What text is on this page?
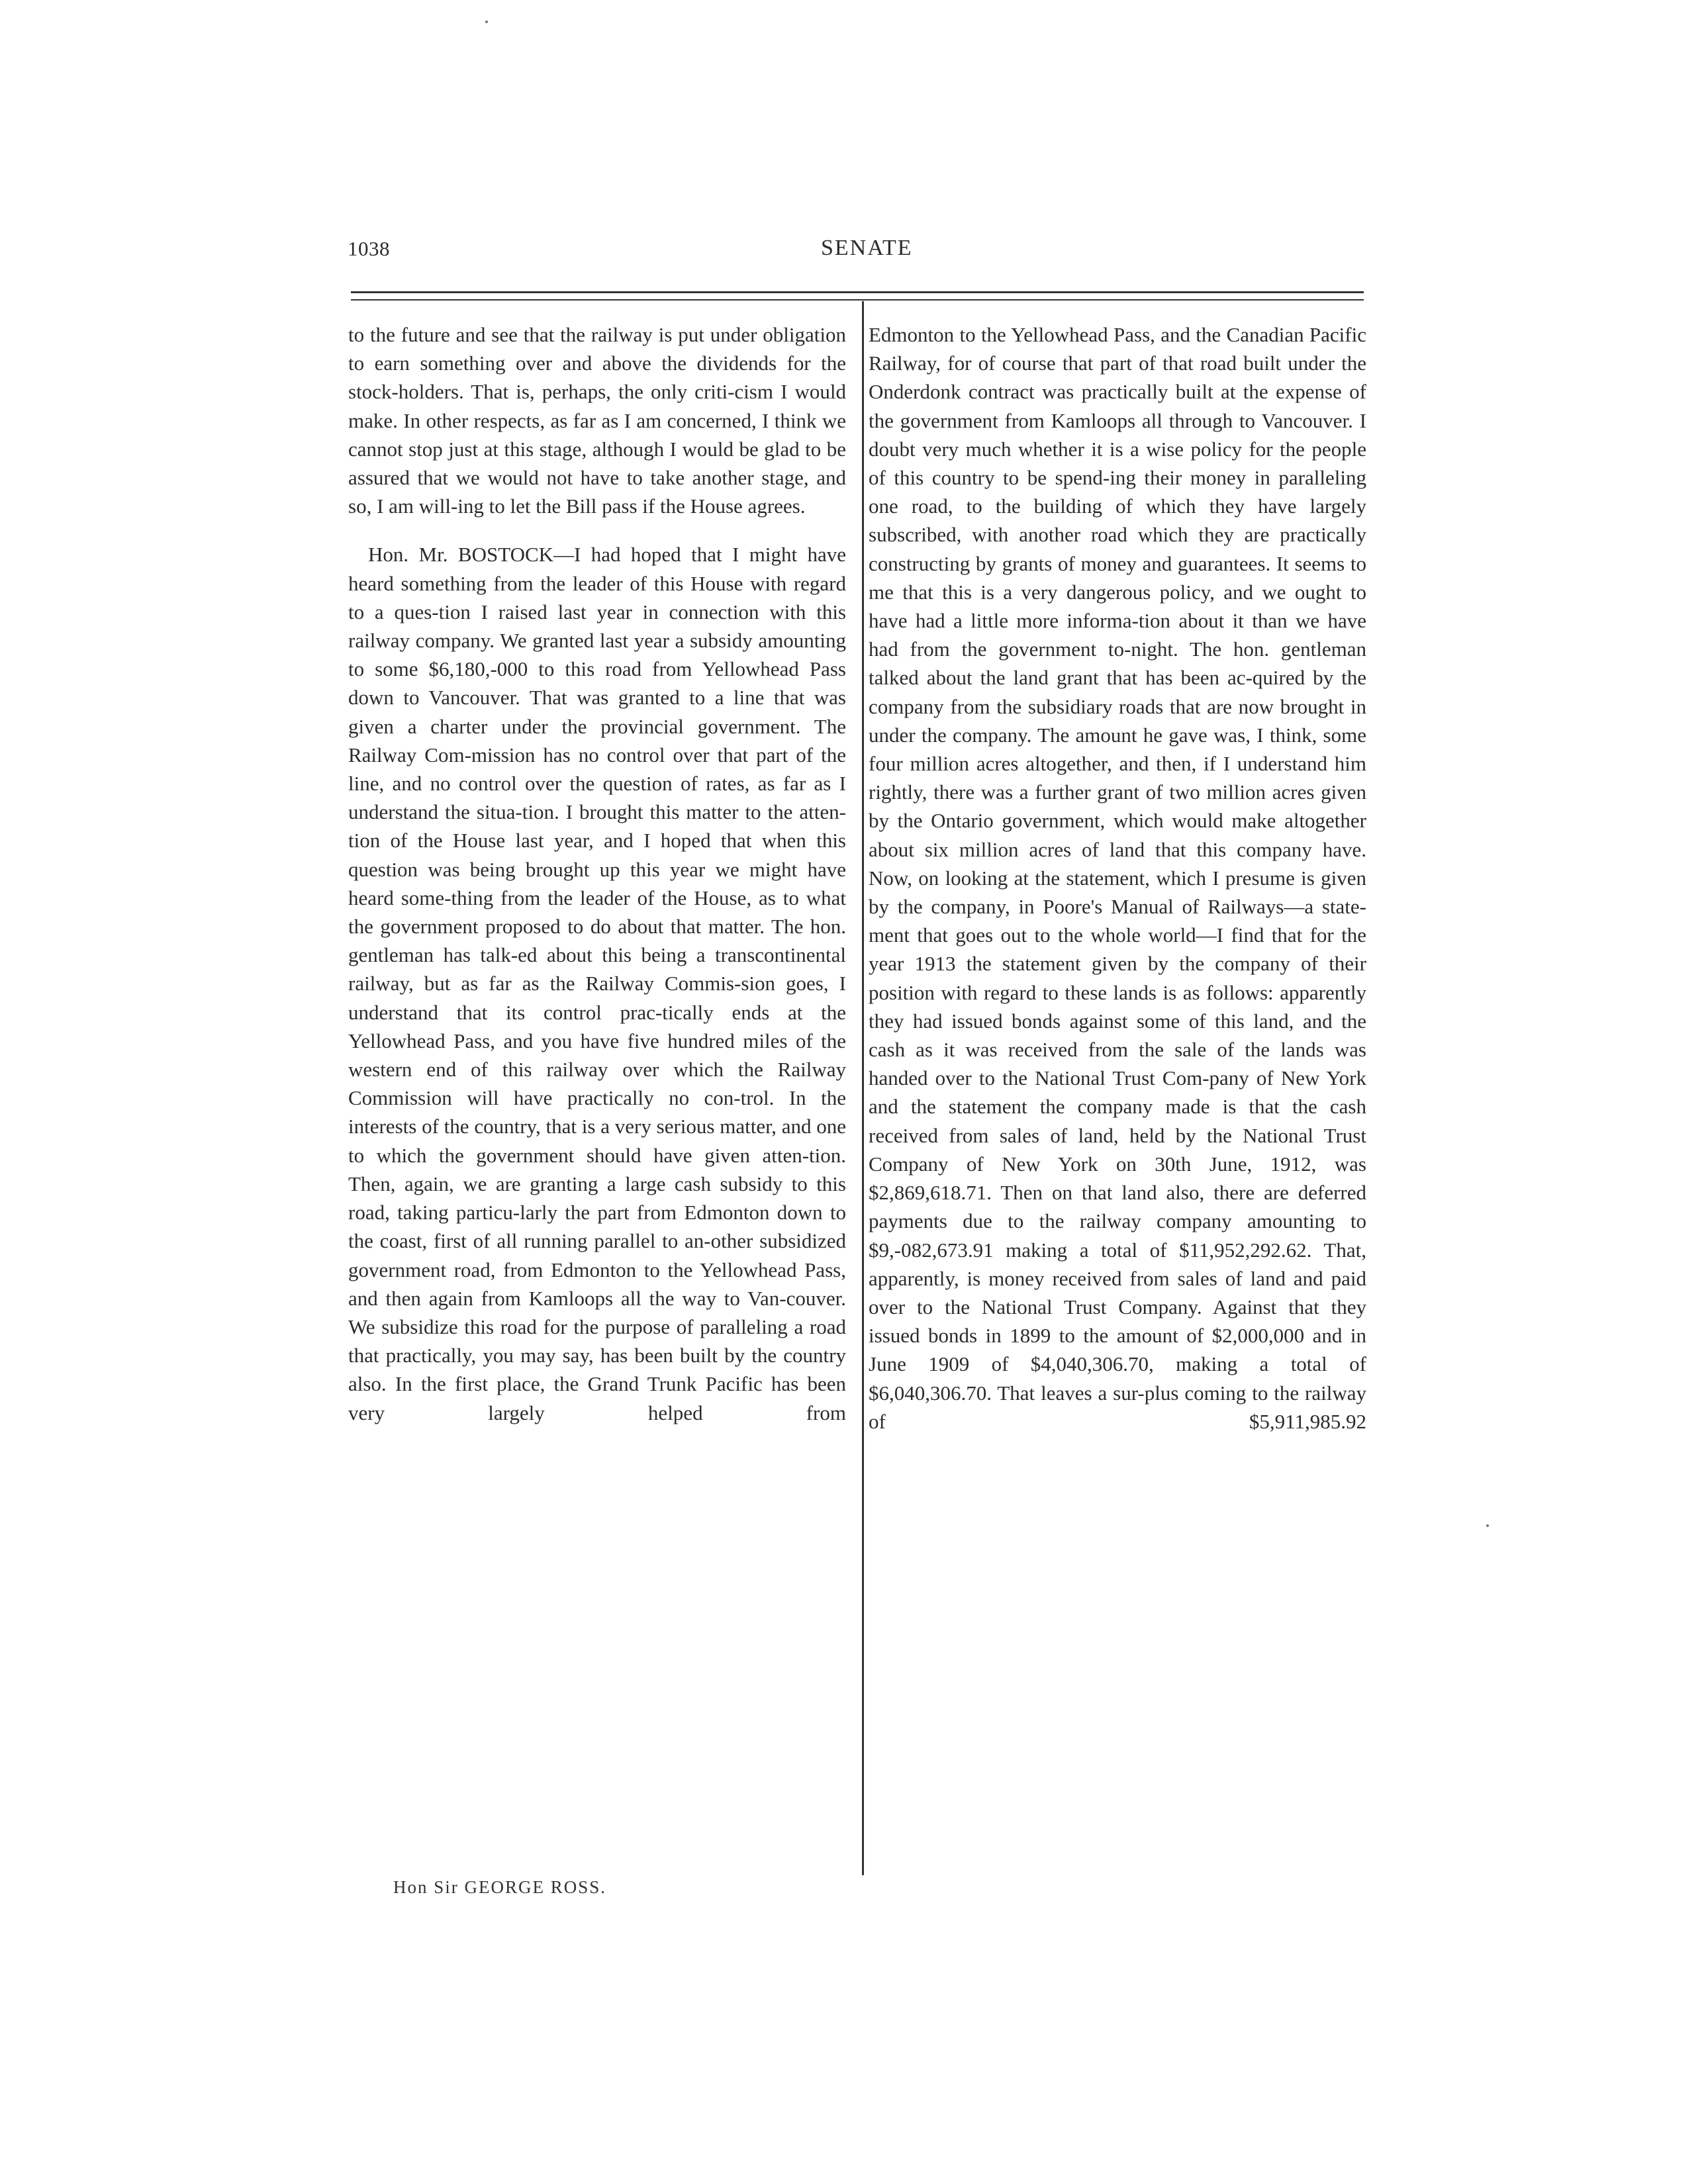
1038	SENATE

to the future and see that the railway is put under obligation to earn something over and above the dividends for the stock-holders. That is, perhaps, the only criti-cism I would make. In other respects, as far as I am concerned, I think we cannot stop just at this stage, although I would be glad to be assured that we would not have to take another stage, and so, I am will-ing to let the Bill pass if the House agrees.

Hon. Mr. BOSTOCK—I had hoped that I might have heard something from the leader of this House with regard to a ques-tion I raised last year in connection with this railway company. We granted last year a subsidy amounting to some $6,180,-000 to this road from Yellowhead Pass down to Vancouver. That was granted to a line that was given a charter under the provincial government. The Railway Com-mission has no control over that part of the line, and no control over the question of rates, as far as I understand the situa-tion. I brought this matter to the atten-tion of the House last year, and I hoped that when this question was being brought up this year we might have heard some-thing from the leader of the House, as to what the government proposed to do about that matter. The hon. gentleman has talk-ed about this being a transcontinental railway, but as far as the Railway Commis-sion goes, I understand that its control prac-tically ends at the Yellowhead Pass, and you have five hundred miles of the western end of this railway over which the Railway Commission will have practically no con-trol. In the interests of the country, that is a very serious matter, and one to which the government should have given atten-tion. Then, again, we are granting a large cash subsidy to this road, taking particu-larly the part from Edmonton down to the coast, first of all running parallel to an-other subsidized government road, from Edmonton to the Yellowhead Pass, and then again from Kamloops all the way to Van-couver. We subsidize this road for the purpose of paralleling a road that practically, you may say, has been built by the country also. In the first place, the Grand Trunk Pacific has been very largely helped from

Edmonton to the Yellowhead Pass, and the Canadian Pacific Railway, for of course that part of that road built under the Onderdonk contract was practically built at the expense of the government from Kamloops all through to Vancouver. I doubt very much whether it is a wise policy for the people of this country to be spend-ing their money in paralleling one road, to the building of which they have largely subscribed, with another road which they are practically constructing by grants of money and guarantees. It seems to me that this is a very dangerous policy, and we ought to have had a little more informa-tion about it than we have had from the government to-night. The hon. gentleman talked about the land grant that has been ac-quired by the company from the subsidiary roads that are now brought in under the company. The amount he gave was, I think, some four million acres altogether, and then, if I understand him rightly, there was a further grant of two million acres given by the Ontario government, which would make altogether about six million acres of land that this company have. Now, on looking at the statement, which I presume is given by the company, in Poore's Manual of Railways—a state-ment that goes out to the whole world—I find that for the year 1913 the statement given by the company of their position with regard to these lands is as follows: apparently they had issued bonds against some of this land, and the cash as it was received from the sale of the lands was handed over to the National Trust Com-pany of New York and the statement the company made is that the cash received from sales of land, held by the National Trust Company of New York on 30th June, 1912, was $2,869,618.71. Then on that land also, there are deferred payments due to the railway company amounting to $9,-082,673.91 making a total of $11,952,292.62. That, apparently, is money received from sales of land and paid over to the National Trust Company. Against that they issued bonds in 1899 to the amount of $2,000,000 and in June 1909 of $4,040,306.70, making a total of $6,040,306.70. That leaves a sur-plus coming to the railway of $5,911,985.92

Hon Sir GEORGE ROSS.
